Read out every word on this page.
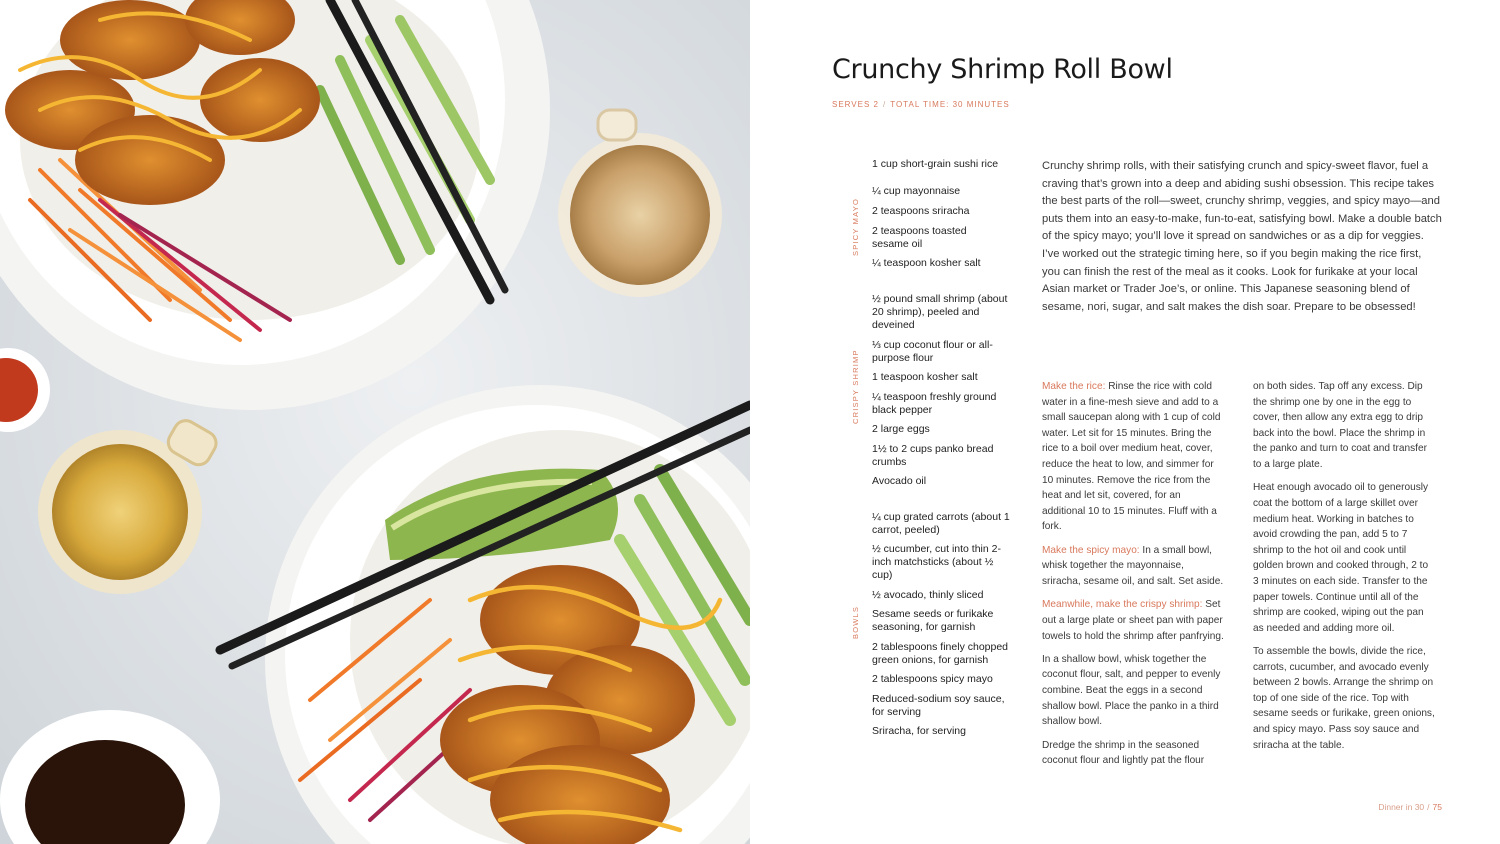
Crunchy Shrimp Roll Bowl
SERVES 2 / TOTAL TIME: 30 MINUTES
SPICY MAYO
CRISPY SHRIMP
BOWLS
1 cup short-grain sushi rice
¼ cup mayonnaise
2 teaspoons sriracha
2 teaspoons toasted sesame oil
¼ teaspoon kosher salt
½ pound small shrimp (about 20 shrimp), peeled and deveined
⅓ cup coconut flour or all-purpose flour
1 teaspoon kosher salt
¼ teaspoon freshly ground black pepper
2 large eggs
1½ to 2 cups panko bread crumbs
Avocado oil
¼ cup grated carrots (about 1 carrot, peeled)
½ cucumber, cut into thin 2-inch matchsticks (about ½ cup)
½ avocado, thinly sliced
Sesame seeds or furikake seasoning, for garnish
2 tablespoons finely chopped green onions, for garnish
2 tablespoons spicy mayo
Reduced-sodium soy sauce, for serving
Sriracha, for serving

Crunchy shrimp rolls, with their satisfying crunch and spicy-sweet flavor, fuel a craving that’s grown into a deep and abiding sushi obsession. This recipe takes the best parts of the roll—sweet, crunchy shrimp, veggies, and spicy mayo—and puts them into an easy-to-make, fun-to-eat, satisfying bowl. Make a double batch of the spicy mayo; you’ll love it spread on sandwiches or as a dip for veggies. I’ve worked out the strategic timing here, so if you begin making the rice first, you can finish the rest of the meal as it cooks. Look for furikake at your local Asian market or Trader Joe’s, or online. This Japanese seasoning blend of sesame, nori, sugar, and salt makes the dish soar. Prepare to be obsessed!

Make the rice: Rinse the rice with cold water in a fine-mesh sieve and add to a small saucepan along with 1 cup of cold water. Let sit for 15 minutes. Bring the rice to a boil over medium heat, cover, reduce the heat to low, and simmer for 10 minutes. Remove the rice from the heat and let sit, covered, for an additional 10 to 15 minutes. Fluff with a fork.

Make the spicy mayo: In a small bowl, whisk together the mayonnaise, sriracha, sesame oil, and salt. Set aside.

Meanwhile, make the crispy shrimp: Set out a large plate or sheet pan with paper towels to hold the shrimp after panfrying.

In a shallow bowl, whisk together the coconut flour, salt, and pepper to evenly combine. Beat the eggs in a second shallow bowl. Place the panko in a third shallow bowl.

Dredge the shrimp in the seasoned coconut flour and lightly pat the flour

on both sides. Tap off any excess. Dip the shrimp one by one in the egg to cover, then allow any extra egg to drip back into the bowl. Place the shrimp in the panko and turn to coat and transfer to a large plate.

Heat enough avocado oil to generously coat the bottom of a large skillet over medium heat. Working in batches to avoid crowding the pan, add 5 to 7 shrimp to the hot oil and cook until golden brown and cooked through, 2 to 3 minutes on each side. Transfer to the paper towels. Continue until all of the shrimp are cooked, wiping out the pan as needed and adding more oil.

To assemble the bowls, divide the rice, carrots, cucumber, and avocado evenly between 2 bowls. Arrange the shrimp on top of one side of the rice. Top with sesame seeds or furikake, green onions, and spicy mayo. Pass soy sauce and sriracha at the table.

Dinner in 30 / 75
